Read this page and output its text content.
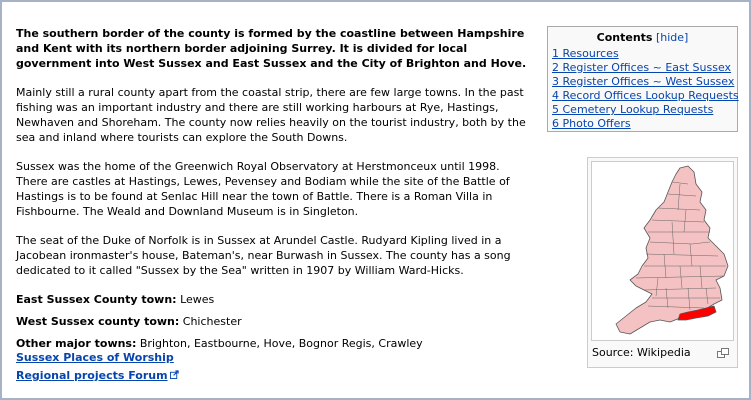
The southern border of the county is formed by the coastline between Hampshire and Kent with its northern border adjoining Surrey. It is divided for local government into West Sussex and East Sussex and the City of Brighton and Hove.

Mainly still a rural county apart from the coastal strip, there are few large towns. In the past fishing was an important industry and there are still working harbours at Rye, Hastings, Newhaven and Shoreham. The county now relies heavily on the tourist industry, both by the sea and inland where tourists can explore the South Downs.

Sussex was the home of the Greenwich Royal Observatory at Herstmonceux until 1998. There are castles at Hastings, Lewes, Pevensey and Bodiam while the site of the Battle of Hastings is to be found at Senlac Hill near the town of Battle. There is a Roman Villa in Fishbourne. The Weald and Downland Museum is in Singleton.

The seat of the Duke of Norfolk is in Sussex at Arundel Castle. Rudyard Kipling lived in a Jacobean ironmaster's house, Bateman's, near Burwash in Sussex. The county has a song dedicated to it called "Sussex by the Sea" written in 1907 by William Ward-Hicks.

East Sussex County town: Lewes
West Sussex county town: Chichester
Other major towns: Brighton, Eastbourne, Hove, Bognor Regis, Crawley
Sussex Places of Worship
Regional projects Forum
Contents [hide]
1 Resources
2 Register Offices ~ East Sussex
3 Register Offices ~ West Sussex
4 Record Offices Lookup Requests
5 Cemetery Lookup Requests
6 Photo Offers
Source: Wikipedia
